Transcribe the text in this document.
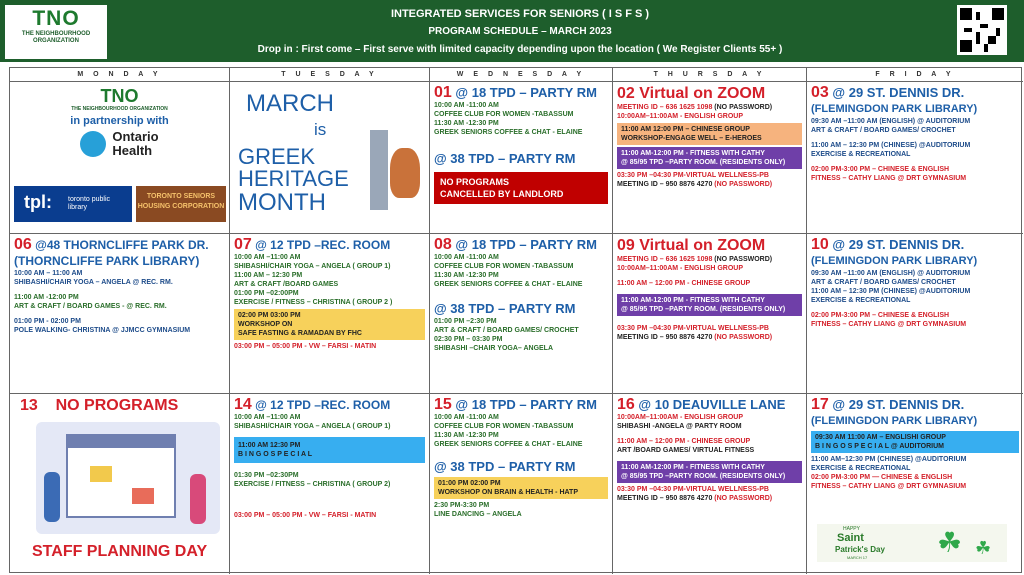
TNO
THE NEIGHBOURHOOD ORGANIZATION
INTEGRATED SERVICES FOR SENIORS ( I S F S )
PROGRAM SCHEDULE – MARCH 2023
Drop in : First come – First serve with limited capacity depending upon the location ( We Register Clients 55+ )
M O N D A Y	T U E S D A Y	W E D N E S D A Y	T H U R S D A Y	F R I D A Y
TNO
THE NEIGHBOURHOOD ORGANIZATION
in partnership with
Ontario
Health
tpl: toronto public library
TORONTO SENIORS HOUSING CORPORATION
MARCH
is
GREEK
HERITAGE
MONTH
01 @ 18 TPD – PARTY RM
10:00 AM -11:00 AM
COFFEE CLUB FOR WOMEN -TABASSUM
11:30 AM -12:30 PM
GREEK SENIORS COFFEE & CHAT - ELAINE
@ 38 TPD – PARTY RM
NO PROGRAMS
CANCELLED BY LANDLORD
02 Virtual on ZOOM
MEETING ID – 636 1625 1098 (NO PASSWORD)
10:00AM–11:00AM - ENGLISH GROUP
11:00 AM 12:00 PM – CHINESE GROUP
WORKSHOP-ENGAGE WELL – E-HEROES
11:00 AM-12:00 PM - FITNESS WITH CATHY
@ 85/95 TPD –PARTY ROOM. (RESIDENTS ONLY)
03:30 PM –04:30 PM-VIRTUAL WELLNESS-PB
MEETING ID – 950 8876 4270 (NO PASSWORD)
03 @ 29 ST. DENNIS DR.
(FLEMINGDON PARK LIBRARY)
09:30 AM –11:00 AM (ENGLISH) @ AUDITORIUM
ART & CRAFT / BOARD GAMES/ CROCHET
11:00 AM – 12:30 PM (CHINESE) @AUDITORIUM
EXERCISE & RECREATIONAL
02:00 PM-3:00 PM – CHINESE & ENGLISH
FITNESS – CATHY LIANG @ DRT GYMNASIUM
06 @48 THORNCLIFFE PARK DR.
(THORNCLIFFE PARK LIBRARY)
10:00 AM – 11:00 AM
SHIBASHI/CHAIR YOGA – ANGELA @ REC. RM.
11:00 AM -12:00 PM
ART & CRAFT / BOARD GAMES - @ REC. RM.
01:00 PM - 02:00 PM
POLE WALKING- CHRISTINA @ JJMCC GYMNASIUM
07 @ 12 TPD –REC. ROOM
10:00 AM –11:00 AM
SHIBASHI/CHAIR YOGA – ANGELA ( GROUP 1)
11:00 AM – 12:30 PM
ART & CRAFT /BOARD GAMES
01:00 PM –02:00PM
EXERCISE / FITNESS – CHRISTINA ( GROUP 2 )
02:00 PM 03:00 PM
WORKSHOP ON
SAFE FASTING & RAMADAN BY FHC
03:00 PM – 05:00 PM - VW – FARSI - MATIN
08 @ 18 TPD – PARTY RM
10:00 AM -11:00 AM
COFFEE CLUB FOR WOMEN -TABASSUM
11:30 AM -12:30 PM
GREEK SENIORS COFFEE & CHAT - ELAINE
@ 38 TPD – PARTY RM
01:00 PM –2:30 PM
ART & CRAFT / BOARD GAMES/ CROCHET
02:30 PM – 03:30 PM
SHIBASHI –CHAIR YOGA– ANGELA
09 Virtual on ZOOM
MEETING ID – 636 1625 1098 (NO PASSWORD)
10:00AM–11:00AM - ENGLISH GROUP
11:00 AM – 12:00 PM - CHINESE GROUP
11:00 AM-12:00 PM - FITNESS WITH CATHY
@ 85/95 TPD –PARTY ROOM. (RESIDENTS ONLY)
03:30 PM –04:30 PM-VIRTUAL WELLNESS-PB
MEETING ID – 950 8876 4270 (NO PASSWORD)
10 @ 29 ST. DENNIS DR.
(FLEMINGDON PARK LIBRARY)
09:30 AM –11:00 AM (ENGLISH) @ AUDITORIUM
ART & CRAFT / BOARD GAMES/ CROCHET
11:00 AM – 12:30 PM (CHINESE) @AUDITORIUM
EXERCISE & RECREATIONAL
02:00 PM-3:00 PM – CHINESE & ENGLISH
FITNESS – CATHY LIANG @ DRT GYMNASIUM
13 NO PROGRAMS
STAFF PLANNING DAY
14 @ 12 TPD –REC. ROOM
10:00 AM –11:00 AM
SHIBASHI/CHAIR YOGA – ANGELA ( GROUP 1)
11:00 AM 12:30 PM
B I N G O S P E C I A L
01:30 PM –02:30PM
EXERCISE / FITNESS – CHRISTINA ( GROUP 2)
03:00 PM – 05:00 PM - VW – FARSI - MATIN
15 @ 18 TPD – PARTY RM
10:00 AM -11:00 AM
COFFEE CLUB FOR WOMEN -TABASSUM
11:30 AM -12:30 PM
GREEK SENIORS COFFEE & CHAT - ELAINE
@ 38 TPD – PARTY RM
01:00 PM 02:00 PM
WORKSHOP ON BRAIN & HEALTH - HATP
2:30 PM-3:30 PM
LINE DANCING – ANGELA
16 @ 10 DEAUVILLE LANE
10:00AM–11:00AM - ENGLISH GROUP
SHIBASHI -ANGELA @ PARTY ROOM
11:00 AM – 12:00 PM - CHINESE GROUP
ART /BOARD GAMES/ VIRTUAL FITNESS
11:00 AM-12:00 PM - FITNESS WITH CATHY
@ 85/95 TPD –PARTY ROOM. (RESIDENTS ONLY)
03:30 PM –04:30 PM-VIRTUAL WELLNESS-PB
MEETING ID – 950 8876 4270 (NO PASSWORD)
17 @ 29 ST. DENNIS DR.
(FLEMINGDON PARK LIBRARY)
09:30 AM 11:00 AM – ENGLISHI GROUP
B I N G O S P E C I A L @ AUDITORIUM
11:00 AM–12:30 PM (CHINESE) @AUDITORIUM
EXERCISE & RECREATIONAL
02:00 PM-3:00 PM — CHINESE & ENGLISH
FITNESS – CATHY LIANG @ DRT GYMNASIUM
HAPPY
Saint
Patrick's Day
MARCH 17 ☘ ☘
